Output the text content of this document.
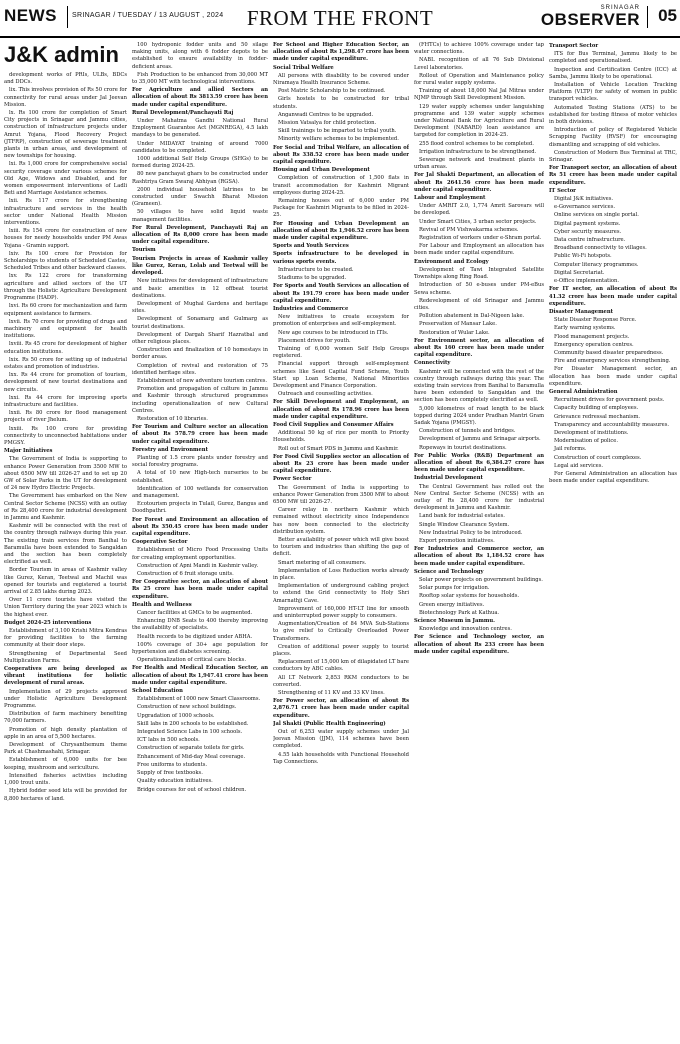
NEWS SRINAGAR / TUESDAY / 13 AUGUST , 2024	FROM THE FRONT	SRINAGAR
OBSERVER 05
J&K admin

development works of PRIs, ULBs, BDCs and DDCs.

lix. This involves provision of Rs 50 crore for connectivity for rural areas under Jal Jeevan Mission.

lx. Rs 100 crore for completion of Smart City projects in Srinagar and Jammu cities, construction of infrastructure projects under Amrut Yojana, Flood Recovery Project (JTFRP), construction of sewerage treatment plants in urban areas, and development of new townships for housing.

lxi. Rs 1,000 crore for comprehensive social security coverage under various schemes for Old Age, Widows and Disabled, and for women empowerment interventions of Ladli Beti and Marriage Assistance schemes.

lxii. Rs 117 crore for strengthening infrastructure and services in the health sector under National Health Mission interventions.

lxiii. Rs 154 crore for construction of new houses for needy households under PM Awas Yojana - Gramin support.

lxiv. Rs 100 crore for Provision for Scholarships to students of Scheduled Castes, Scheduled Tribes and other backward classes.

lxv. Rs 122 crore for transforming agriculture and allied sectors of the UT through the Holistic Agriculture Development Programme (HADP).

lxvi. Rs 60 crore for mechanization and farm equipment assistance to farmers.

lxvii. Rs 70 crore for providing of drugs and machinery and equipment for health institutions.

lxviii. Rs 45 crore for development of higher education institutions.

lxix. Rs 50 crore for setting up of industrial estates and promotion of industries.

lxx. Rs 44 crore for promotion of tourism, development of new tourist destinations and new circuits.

lxxi. Rs 44 crore for improving sports infrastructure and facilities.

lxxii. Rs 80 crore for flood management projects of river Jhelum.

lxxiii. Rs 100 crore for providing connectivity to unconnected habitations under PMGSY.

Major Initiatives

The Government of India is supporting to enhance Power Generation from 3500 MW to about 6500 MW till 2026-27 and to set up 20 GW of Solar Parks in the UT for development of 24 new Hydro Electric Projects.

The Government has embarked on the New Central Sector Scheme (NCSS) with an outlay of Rs 28,400 crore for industrial development in Jammu and Kashmir.

Kashmir will be connected with the rest of the country through railways during this year. The existing train services from Banihal to Baramulla have been extended to Sangaldan and the section has been completely electrified as well.

Border Tourism in areas of Kashmir valley like Gurez, Keran, Teetwal and Machil was opened for tourists and registered a tourist arrival of 2.85 lakhs during 2023.

Over 11 crore tourists have visited the Union Territory during the year 2023 which is the highest ever.

Budget 2024-25 interventions

Establishment of 3,100 Krishi Mitra Kendras for providing facilities to the farming community at their door steps.

Strengthening of Departmental Seed Multiplication Farms.

Cooperatives are being developed as vibrant institutions for holistic development of rural areas.

Implementation of 29 projects approved under Holistic Agriculture Development Programme.

Distribution of farm machinery benefiting 70,000 farmers.

Promotion of high density plantation of apple in an area of 5,500 hectares.

Development of Chrysanthemum theme Park at Chashmashahi, Srinagar.

Establishment of 6,000 units for bee keeping, mushroom and sericulture.

Intensified fisheries activities including 1,000 trout units.

Hybrid fodder seed kits will be provided for 8,800 hectares of land.

100 hydroponic fodder units and 50 silage making units, along with 6 fodder depots to be established to ensure availability in fodder-deficient areas.

Fish Production to be enhanced from 30,000 MT to 35,000 MT with technological interventions.

For Agriculture and allied Sectors an allocation of about Rs 3813.59 crore has been made under capital expenditure.

Rural Development/Panchayati Raj

Under Mahatma Gandhi National Rural Employment Guarantee Act (MGNREGA), 4.5 lakh mandays to be generated.

Under MIDAYAT training of around 7000 candidates to be completed.

1000 additional Self Help Groups (SHGs) to be formed during 2024-25.

80 new panchayat ghars to be constructed under Rashtriya Gram Swaraj Abhiyan (RGSA).

2000 individual household latrines to be constructed under Swachh Bharat Mission (Grameen).

50 villages to have solid liquid waste management facilities.

For Rural Development, Panchayati Raj an allocation of Rs 8,000 crore has been made under capital expenditure.

Tourism

Tourism Projects in areas of Kashmir valley like Gurez, Keran, Lolab and Teetwal will be developed.

New initiatives for development of infrastructure and basic amenities in 12 offbeat tourist destinations.

Development of Mughal Gardens and heritage sites.

Development of Sonamarg and Gulmarg as tourist destinations.

Development of Dargah Sharif Hazratbal and other religious places.

Construction and finalization of 10 homestays in border areas.

Completion of revival and restoration of 75 identified heritage sites.

Establishment of new adventure tourism centres.

Promotion and propagation of culture in Jammu and Kashmir through structured programmes including operationalization of new Cultural Centres.

Restoration of 10 libraries.

For Tourism and Culture sector an allocation of about Rs 578.79 crore has been made under capital expenditure.

Forestry and Environment

Planting of 1.5 crore plants under forestry and social forestry programs.

A total of 10 new High-tech nurseries to be established.

Identification of 100 wetlands for conservation and management.

Ecotourism projects in Tulail, Gurez, Bangus and Doodhpathri.

For Forest and Environment an allocation of about Rs 350.45 crore has been made under capital expenditure.

Cooperative Sector

Establishment of Micro Food Processing Units for creating employment opportunities.

Construction of Apni Mandi in Kashmir valley.

Construction of 6 fruit storage units.

For Cooperative sector, an allocation of about Rs 25 crore has been made under capital expenditure.

Health and Wellness

Cancer facilities at GMCs to be augmented.

Enhancing DNB Seats to 400 thereby improving the availability of specialists.

Health records to be digitized under ABHA.

100% coverage of 30+ age population for hypertension and diabetes screening.

Operationalization of critical care blocks.

For Health and Medical Education Sector, an allocation of about Rs 1,947.41 crore has been made under capital expenditure.

School Education

Establishment of 1000 new Smart Classrooms.

Construction of new school buildings.

Upgradation of 1000 schools.

Skill labs in 200 schools to be established.

Integrated Science Labs in 100 schools.

ICT labs in 500 schools.

Construction of separate toilets for girls.

Enhancement of Mid-day Meal coverage.

Free uniforms to students.

Supply of free textbooks.

Quality education initiatives.

Bridge courses for out of school children.

For School and Higher Education Sector, an allocation of about Rs 1,298.47 crore has been made under capital expenditure.

Social Tribal Welfare

All persons with disability to be covered under Niramaya Health Insurance Scheme.

Post Matric Scholarship to be continued.

Girls hostels to be constructed for tribal students.

Anganwadi Centres to be upgraded.

Mission Vatsalya for child protection.

Skill trainings to be imparted to tribal youth.

Minority welfare schemes to be implemented.

For Social and Tribal Welfare, an allocation of about Rs 338.52 crore has been made under capital expenditure.

Housing and Urban Development

Completion of construction of 1,500 flats in transit accommodation for Kashmiri Migrant employees during 2024-25.

Remaining houses out of 6,000 under PM Package for Kashmiri Migrants to be filled in 2024-25.

For Housing and Urban Development an allocation of about Rs 1,946.52 crore has been made under capital expenditure.

Sports and Youth Services

Sports infrastructure to be developed in various sports events.

Infrastructure to be created.

Stadiums to be upgraded.

For Sports and Youth Services an allocation of about Rs 191.79 crore has been made under capital expenditure.

Industries and Commerce

New initiatives to create ecosystem for promotion of enterprises and self-employment.

New age courses to be introduced in ITIs.

Placement drives for youth.

Training of 6,000 women Self Help Groups registered.

Financial support through self-employment schemes like Seed Capital Fund Scheme, Youth Start up Loan Scheme, National Minorities Development and Finance Corporation.

Outreach and counselling activities.

For Skill Development and Employment, an allocation of about Rs 178.96 crore has been made under capital expenditure.

Food Civil Supplies and Consumer Affairs

Additional 50 kg of rice per month to Priority Households.

Roll out of Smart PDS in Jammu and Kashmir.

For Food Civil Supplies sector an allocation of about Rs 23 crore has been made under capital expenditure.

Power Sector

The Government of India is supporting to enhance Power Generation from 3500 MW to about 6500 MW till 2026-27.

Career relay in northern Kashmir which remained without electricity since Independence has now been connected to the electricity distribution system.

Better availability of power which will give boost to tourism and industries than shifting the gap of deficit.

Smart metering of all consumers.

Implementation of Loss Reduction works already in place.

Implementation of underground cabling project to extend the Grid connectivity to Holy Shri Amarnathji Cave.

Improvement of 160,000 HT-LT line for smooth and uninterrupted power supply to consumers.

Augmentation/Creation of 84 MVA Sub-Stations to give relief to Critically Overloaded Power Transformers.

Creation of additional power supply to tourist places.

Replacement of 15,000 km of dilapidated LT bare conductors by ABC cables.

All LT Network 2,853 RKM conductors to be converted.

Strengthening of 11 KV and 33 KV lines.

For Power sector, an allocation of about Rs 2,876.71 crore has been made under capital expenditure.

Jal Shakti (Public Health Engineering)

Out of 6,253 water supply schemes under Jal Jeevan Mission (JJM), 114 schemes have been completed.

4.55 lakh households with Functional Household Tap Connections.

(FHTCs) to achieve 100% coverage under tap water connections.

NABL recognition of all 76 Sub Divisional Level laboratories.

Rollout of Operation and Maintenance policy for rural water supply systems.

Training of about 18,000 Nal Jal Mitras under NJMP through Skill Development Mission.

129 water supply schemes under languishing programme and 139 water supply schemes under National Bank for Agriculture and Rural Development (NABARD) loan assistance are targeted for completion in 2024-25.

255 flood control schemes to be completed.

Irrigation infrastructure to be strengthened.

Sewerage network and treatment plants in urban areas.

For Jal Shakti Department, an allocation of about Rs 2641.56 crore has been made under capital expenditure.

Labour and Employment

Under AMRIT 2.0, 1,774 Amrit Sarovars will be developed.

Under Smart Cities, 3 urban sector projects.

Revival of PM Vishwakarma schemes.

Registration of workers under e-Shram portal.

For Labour and Employment an allocation has been made under capital expenditure.

Environment and Ecology

Development of Tawi Integrated Satellite Townships along Ring Road.

Introduction of 50 e-buses under PM-eBus Sewa scheme.

Redevelopment of old Srinagar and Jammu cities.

Pollution abatement in Dal-Nigeen lake.

Preservation of Mansar Lake.

Restoration of Wular Lake.

For Environment sector, an allocation of about Rs 160 crore has been made under capital expenditure.

Connectivity

Kashmir will be connected with the rest of the country through railways during this year. The existing train services from Banihal to Baramulla have been extended to Sangaldan and the section has been completely electrified as well.

5,000 kilometres of road length to be black topped during 2024 under Pradhan Mantri Gram Sadak Yojana (PMGSY).

Construction of tunnels and bridges.

Development of Jammu and Srinagar airports.

Ropeways in tourist destinations.

For Public Works (R&B) Department an allocation of about Rs 6,384.27 crore has been made under capital expenditure.

Industrial Development

The Central Government has rolled out the New Central Sector Scheme (NCSS) with an outlay of Rs 28,400 crore for industrial development in Jammu and Kashmir.

Land bank for industrial estates.

Single Window Clearance System.

New Industrial Policy to be introduced.

Export promotion initiatives.

For Industries and Commerce sector, an allocation of about Rs 1,184.52 crore has been made under capital expenditure.

Science and Technology

Solar power projects on government buildings.

Solar pumps for irrigation.

Rooftop solar systems for households.

Green energy initiatives.

Biotechnology Park at Kathua.

Science Museum in Jammu.

Knowledge and innovation centres.

For Science and Technology sector, an allocation of about Rs 233 crore has been made under capital expenditure.

Transport Sector

ITS for Bus Terminal, Jammu likely to be completed and operationalised.

Inspection and Certification Centre (ICC) at Samba, Jammu likely to be operational.

Installation of Vehicle Location Tracking Platform (VLTP) for safety of women in public transport vehicles.

Automated Testing Stations (ATS) to be established for testing fitness of motor vehicles in both divisions.

Introduction of policy of Registered Vehicle Scrapping Facility (RVSF) for encouraging dismantling and scrapping of old vehicles.

Construction of Modern Bus Terminal at TRC, Srinagar.

For Transport sector, an allocation of about Rs 51 crore has been made under capital expenditure.

IT Sector

Digital J&K initiatives.

e-Governance services.

Online services on single portal.

Digital payment systems.

Cyber security measures.

Data centre infrastructure.

Broadband connectivity to villages.

Public Wi-Fi hotspots.

Computer literacy programmes.

Digital Secretariat.

e-Office implementation.

For IT sector, an allocation of about Rs 41.32 crore has been made under capital expenditure.

Disaster Management

State Disaster Response Force.

Early warning systems.

Flood management projects.

Emergency operation centres.

Community based disaster preparedness.

Fire and emergency services strengthening.

For Disaster Management sector, an allocation has been made under capital expenditure.

General Administration

Recruitment drives for government posts.

Capacity building of employees.

Grievance redressal mechanism.

Transparency and accountability measures.

Development of institutions.

Modernisation of police.

Jail reforms.

Construction of court complexes.

Legal aid services.

For General Administration an allocation has been made under capital expenditure.
